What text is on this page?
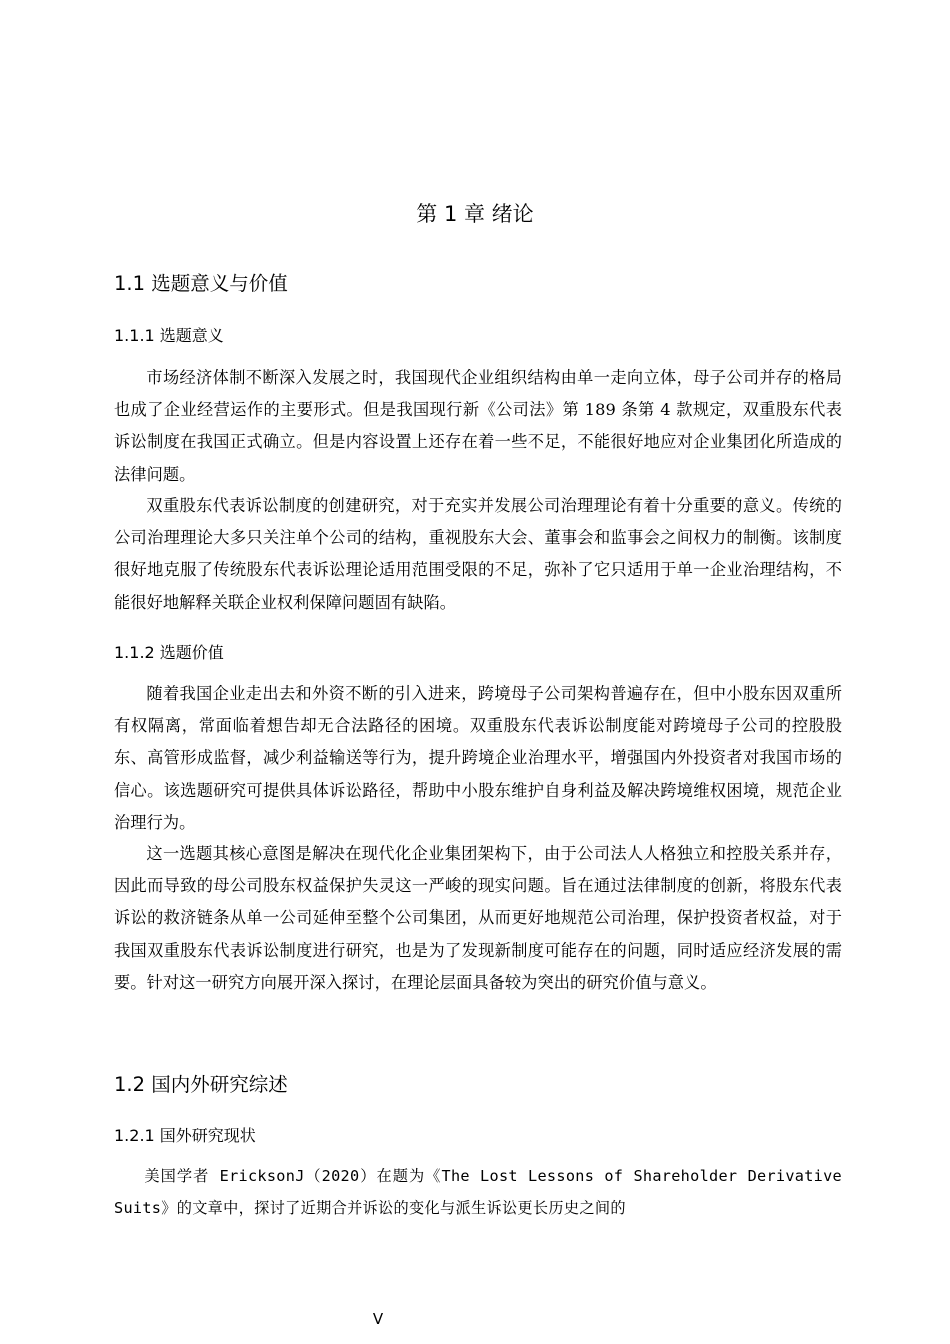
第 1 章 绪论
1.1 选题意义与价值
1.1.1 选题意义

市场经济体制不断深入发展之时，我国现代企业组织结构由单一走向立体，母子公司并存的格局也成了企业经营运作的主要形式。但是我国现行新《公司法》第 189 条第 4 款规定，双重股东代表诉讼制度在我国正式确立。但是内容设置上还存在着一些不足，不能很好地应对企业集团化所造成的法律问题。

双重股东代表诉讼制度的创建研究，对于充实并发展公司治理理论有着十分重要的意义。传统的公司治理理论大多只关注单个公司的结构，重视股东大会、董事会和监事会之间权力的制衡。该制度很好地克服了传统股东代表诉讼理论适用范围受限的不足，弥补了它只适用于单一企业治理结构，不能很好地解释关联企业权利保障问题固有缺陷。

1.1.2 选题价值

随着我国企业走出去和外资不断的引入进来，跨境母子公司架构普遍存在，但中小股东因双重所有权隔离，常面临着想告却无合法路径的困境。双重股东代表诉讼制度能对跨境母子公司的控股股东、高管形成监督，减少利益输送等行为，提升跨境企业治理水平，增强国内外投资者对我国市场的信心。该选题研究可提供具体诉讼路径，帮助中小股东维护自身利益及解决跨境维权困境，规范企业治理行为。

这一选题其核心意图是解决在现代化企业集团架构下，由于公司法人人格独立和控股关系并存，因此而导致的母公司股东权益保护失灵这一严峻的现实问题。旨在通过法律制度的创新，将股东代表诉讼的救济链条从单一公司延伸至整个公司集团，从而更好地规范公司治理，保护投资者权益，对于我国双重股东代表诉讼制度进行研究，也是为了发现新制度可能存在的问题，同时适应经济发展的需要。针对这一研究方向展开深入探讨，在理论层面具备较为突出的研究价值与意义。

1.2 国内外研究综述
1.2.1 国外研究现状

美国学者 EricksonJ（2020）在题为《The Lost Lessons of Shareholder Derivative Suits》的文章中，探讨了近期合并诉讼的变化与派生诉讼更长历史之间的

V
